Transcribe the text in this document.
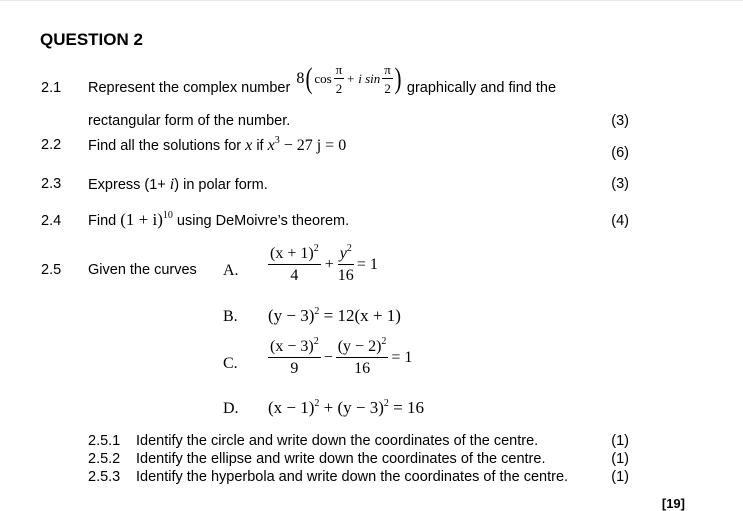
QUESTION 2
2.1 Represent the complex number
8 ( $\cos \frac{\pi}{2} + i$ $\sin \frac{\pi}{2}$ ) graphically and find the
rectangular form of the number.	(3)
2.2 Find all the solutions for x if $x^3 - 27$ j = 0	(6)
2.3 Express (1+ i) in polar form.	(3)
2.4 Find $(1 + i)^{10}$ using DeMoivre’s theorem.	(4)
2.5 Given the curves A. $\frac{(x + 1)^2}{4} + \frac{y^2}{16} = 1$
B. $(y - 3)^2 = 12(x + 1)$
C. $\frac{(x - 3)^2}{9} - \frac{(y - 2)^2}{16} = 1$
D. $(x - 1)^2 + (y - 3)^2 = 16$
2.5.1 Identify the circle and write down the coordinates of the centre.	(1)
2.5.2 Identify the ellipse and write down the coordinates of the centre.	(1)
2.5.3 Identify the hyperbola and write down the coordinates of the centre.	(1)
[19]
